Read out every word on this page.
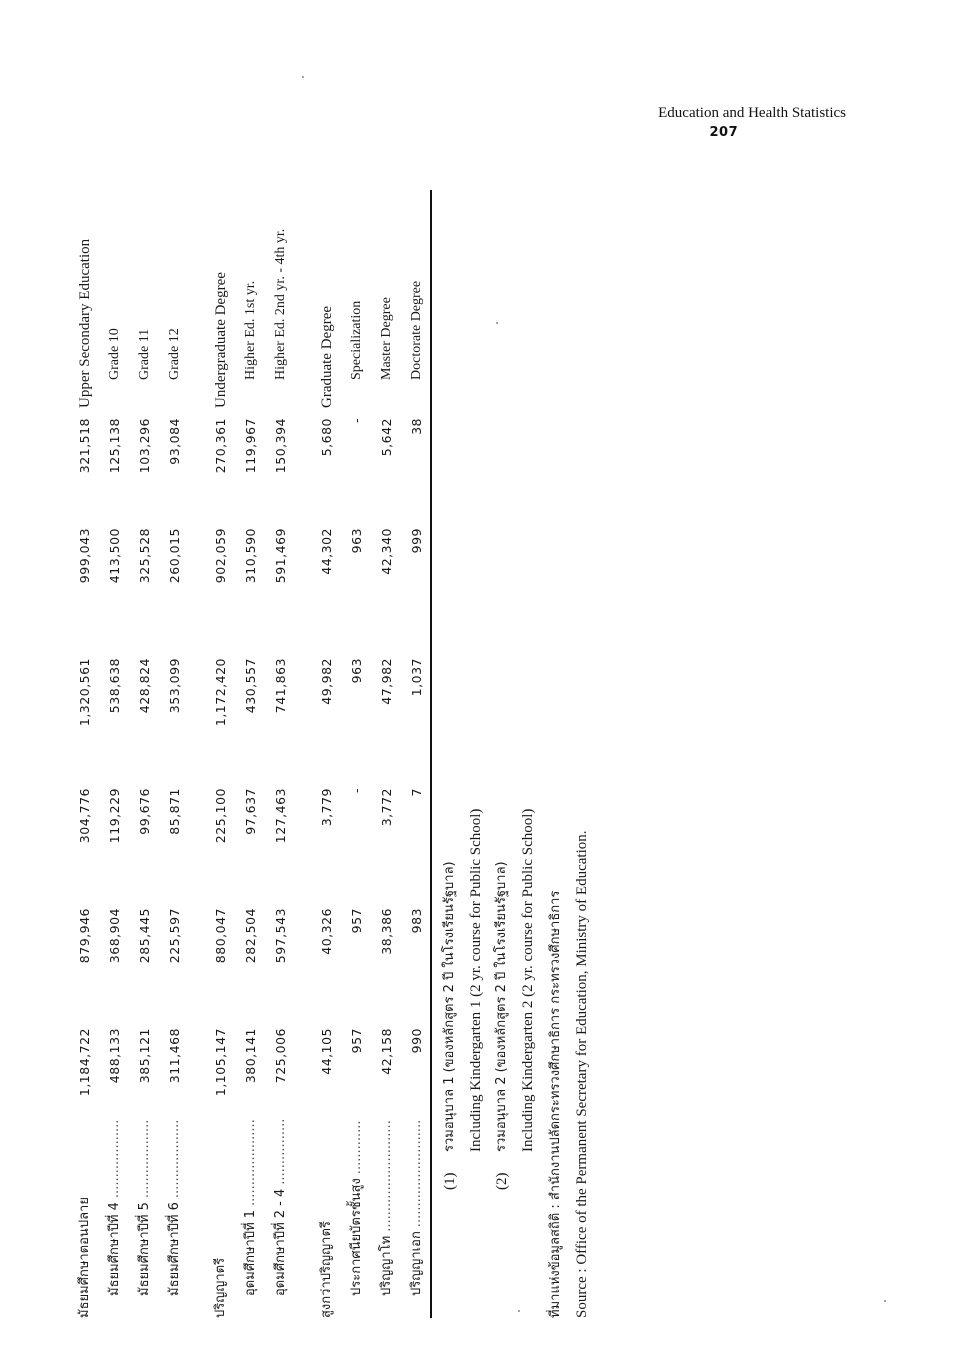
Education and Health Statistics
207
มัธยมศึกษาตอนปลาย
1,184,722
879,946
304,776
1,320,561
999,043
321,518
Upper Secondary Education
มัธยมศึกษาปีที่ 4 .....
488,133
368,904
119,229
538,638
413,500
125,138
Grade 10
มัธยมศึกษาปีที่ 5 .....
385,121
285,445
99,676
428,824
325,528
103,296
Grade 11
มัธยมศึกษาปีที่ 6 .....
311,468
225,597
85,871
353,099
260,015
93,084
Grade 12
ปริญญาตรี
1,105,147
880,047
225,100
1,172,420
902,059
270,361
Undergraduate Degree
อุดมศึกษาปีที่ 1 .....
380,141
282,504
97,637
430,557
310,590
119,967
Higher Ed. 1st yr.
อุดมศึกษาปีที่ 2 - 4 .....
725,006
597,543
127,463
741,863
591,469
150,394
Higher Ed. 2nd yr. - 4th yr.
สูงกว่าปริญญาตรี
44,105
40,326
3,779
49,982
44,302
5,680
Graduate Degree
ประกาศนียบัตรชั้นสูง .....
957
957
-
963
963
-
Specialization
ปริญญาโท .....
42,158
38,386
3,772
47,982
42,340
5,642
Master Degree
ปริญญาเอก .....
990
983
7
1,037
999
38
Doctorate Degree
(1)
รวมอนุบาล 1 (ของหลักสูตร 2 ปี ในโรงเรียนรัฐบาล) Including Kindergarten 1 (2 yr. course for Public School)
(2)
รวมอนุบาล 2 (ของหลักสูตร 2 ปี ในโรงเรียนรัฐบาล) Including Kindergarten 2 (2 yr. course for Public School) ที่มาแห่งข้อมูลสถิติ : สำนักงานปลัดกระทรวงศึกษาธิการ กระทรวงศึกษาธิการ Source : Office of the Permanent Secretary for Education, Ministry of Education.
